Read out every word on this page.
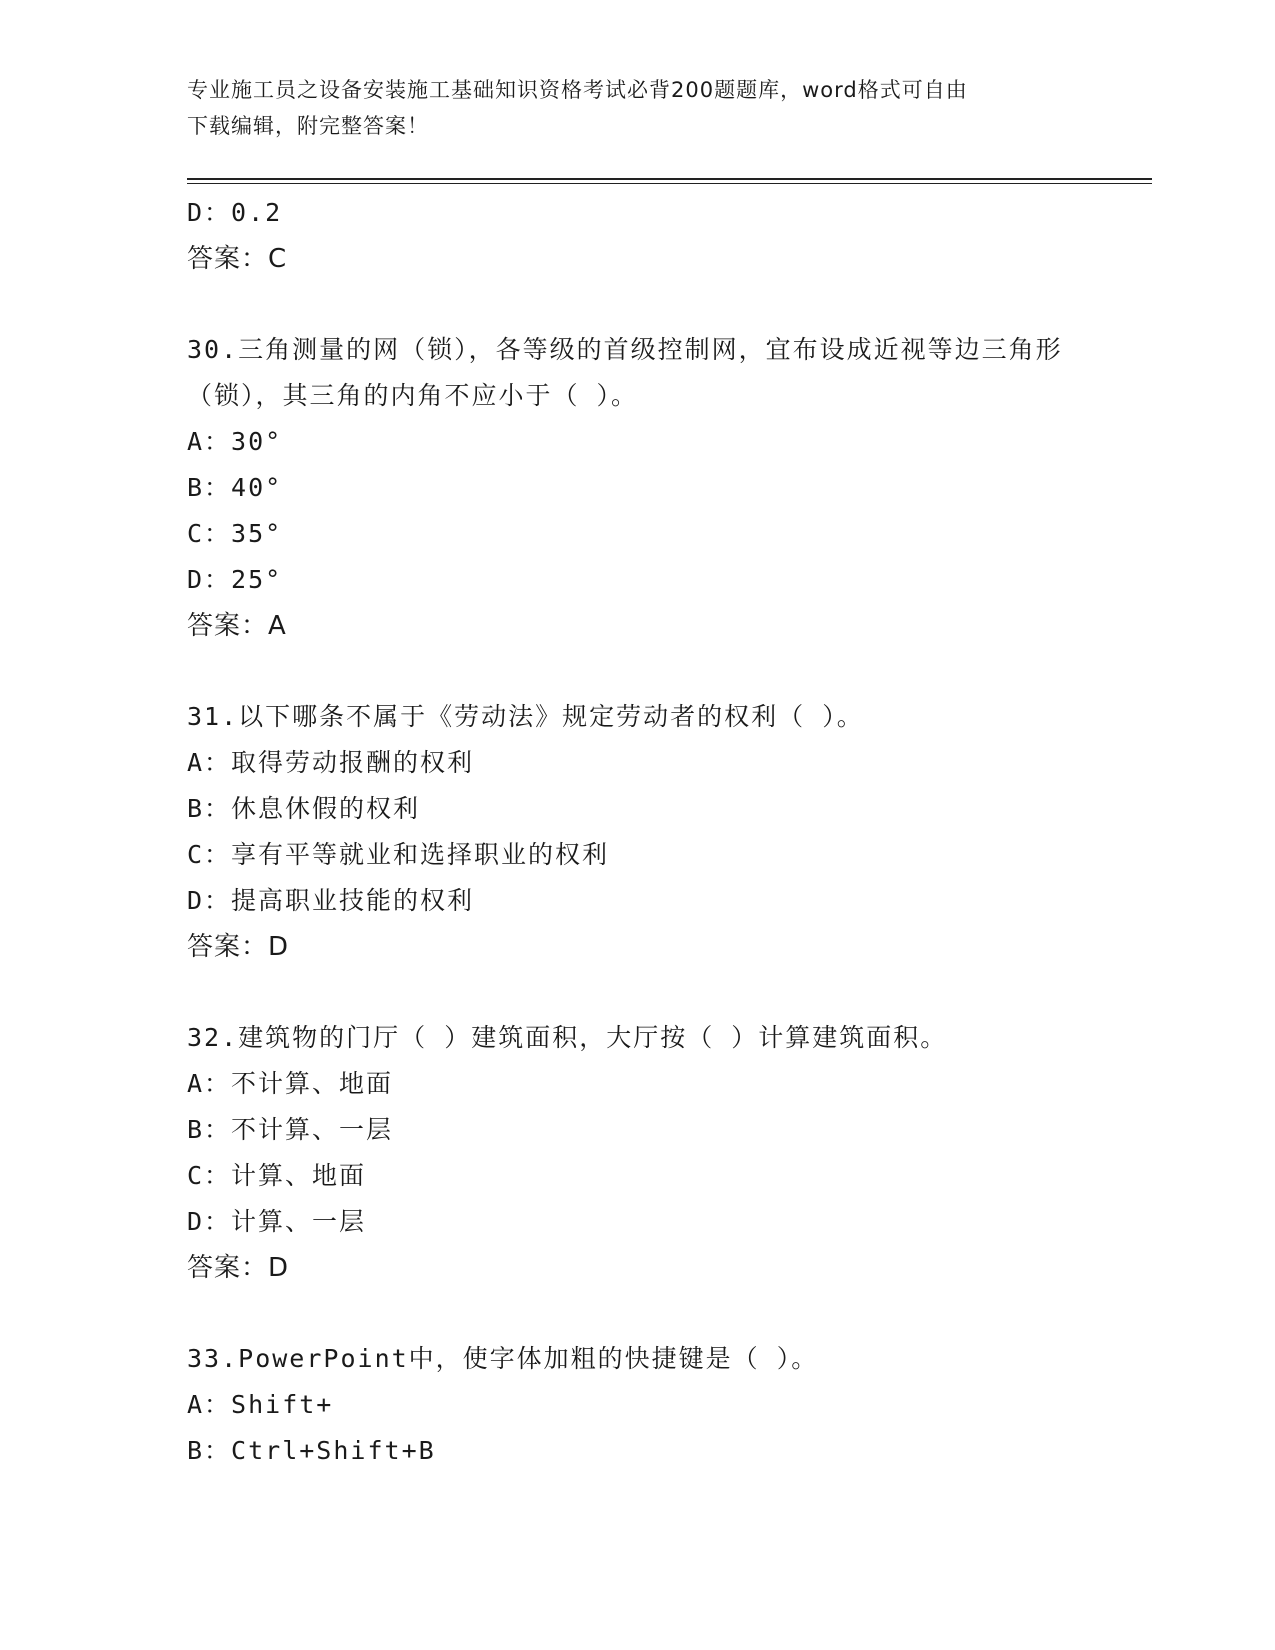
专业施工员之设备安装施工基础知识资格考试必背200题题库，word格式可自由
下载编辑，附完整答案！
D：0.2
答案：C
30.三角测量的网（锁），各等级的首级控制网，宜布设成近视等边三角形（锁），其三角的内角不应小于（ ）。
A：30°
B：40°
C：35°
D：25°
答案：A
31.以下哪条不属于《劳动法》规定劳动者的权利（ ）。
A：取得劳动报酬的权利
B：休息休假的权利
C：享有平等就业和选择职业的权利
D：提高职业技能的权利
答案：D
32.建筑物的门厅（ ）建筑面积，大厅按（ ）计算建筑面积。
A：不计算、地面
B：不计算、一层
C：计算、地面
D：计算、一层
答案：D
33.PowerPoint中，使字体加粗的快捷键是（ ）。
A：Shift+
B：Ctrl+Shift+B
